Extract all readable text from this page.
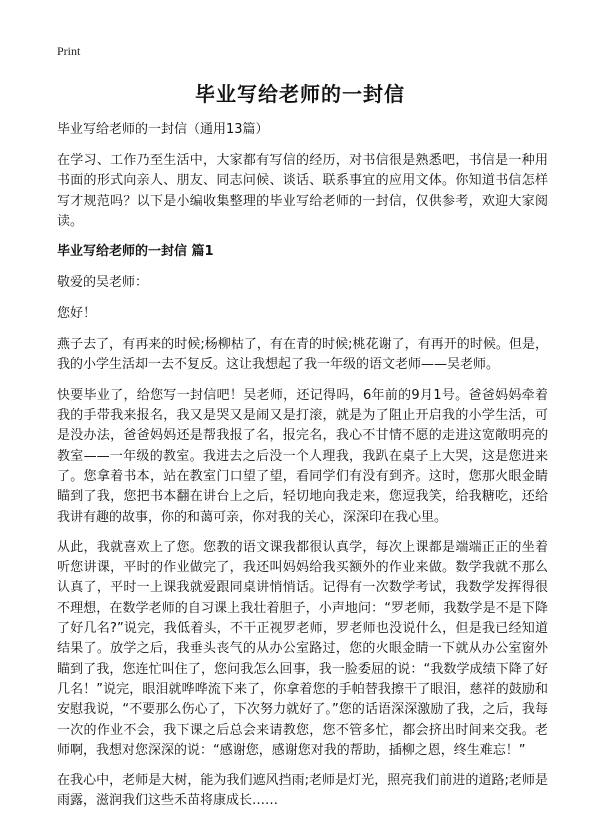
Print
毕业写给老师的一封信

毕业写给老师的一封信（通用13篇）

在学习、工作乃至生活中，大家都有写信的经历，对书信很是熟悉吧，书信是一种用书面的形式向亲人、朋友、同志问候、谈话、联系事宜的应用文体。你知道书信怎样写才规范吗？以下是小编收集整理的毕业写给老师的一封信，仅供参考，欢迎大家阅读。

毕业写给老师的一封信 篇1

敬爱的吴老师：

您好！

燕子去了，有再来的时候;杨柳枯了，有在青的时候;桃花谢了，有再开的时候。但是，我的小学生活却一去不复反。这让我想起了我一年级的语文老师——吴老师。

快要毕业了，给您写一封信吧！吴老师，还记得吗，6年前的9月1号。爸爸妈妈牵着我的手带我来报名，我又是哭又是闹又是打滚，就是为了阻止开启我的小学生活，可是没办法，爸爸妈妈还是帮我报了名，报完名，我心不甘情不愿的走进这宽敞明亮的教室——一年级的教室。我进去之后没一个人理我，我趴在桌子上大哭，这是您进来了。您拿着书本，站在教室门口望了望，看同学们有没有到齐。这时，您那火眼金睛瞄到了我，您把书本翻在讲台上之后，轻切地向我走来，您逗我笑，给我糖吃，还给我讲有趣的故事，你的和蔼可亲，你对我的关心，深深印在我心里。

从此，我就喜欢上了您。您教的语文课我都很认真学，每次上课都是端端正正的坐着听您讲课，平时的作业做完了，我还叫妈妈给我买额外的作业来做。数学我就不那么认真了，平时一上课我就爱跟同桌讲悄悄话。记得有一次数学考试，我数学发挥得很不理想，在数学老师的自习课上我壮着胆子，小声地问：“罗老师，我数学是不是下降了好几名?”说完，我低着头，不干正视罗老师，罗老师也没说什么，但是我已经知道结果了。放学之后，我垂头丧气的从办公室路过，您的火眼金睛一下就从办公室窗外瞄到了我，您连忙叫住了，您问我怎么回事，我一脸委屈的说：“我数学成绩下降了好几名！”说完，眼泪就哗哗流下来了，你拿着您的手帕替我擦干了眼泪，慈祥的鼓励和安慰我说，“不要那么伤心了，下次努力就好了。”您的话语深深激励了我，之后，我每一次的作业不会，我下课之后总会来请教您，您不管多忙，都会挤出时间来交我。老师啊，我想对您深深的说：“感谢您，感谢您对我的帮助，插柳之恩，终生难忘！”

在我心中，老师是大树，能为我们遮风挡雨;老师是灯光，照亮我们前进的道路;老师是雨露，滋润我们这些禾苗将康成长……
